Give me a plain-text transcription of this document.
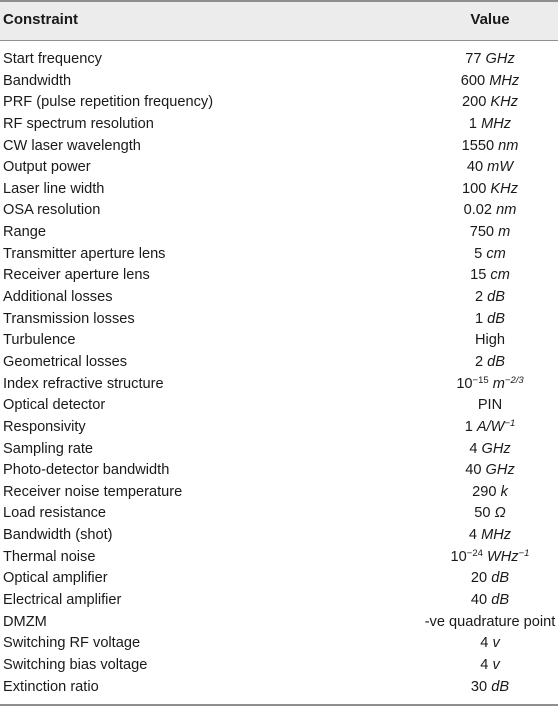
Constraint	Value
Start frequency	77 GHz
Bandwidth	600 MHz
PRF (pulse repetition frequency)	200 KHz
RF spectrum resolution	1 MHz
CW laser wavelength	1550 nm
Output power	40 mW
Laser line width	100 KHz
OSA resolution	0.02 nm
Range	750 m
Transmitter aperture lens	5 cm
Receiver aperture lens	15 cm
Additional losses	2 dB
Transmission losses	1 dB
Turbulence	High
Geometrical losses	2 dB
Index refractive structure	$10^{-15}$ $m^{-2/3}$
Optical detector	PIN
Responsivity	1 $A/W^{-1}$
Sampling rate	4 GHz
Photo-detector bandwidth	40 GHz
Receiver noise temperature	290 k
Load resistance	50 Ω
Bandwidth (shot)	4 MHz
Thermal noise	$10^{-24}$ WHz$^{-1}$
Optical amplifier	20 dB
Electrical amplifier	40 dB
DMZM	-ve quadrature point
Switching RF voltage	4 v
Switching bias voltage	4 v
Extinction ratio	30 dB
